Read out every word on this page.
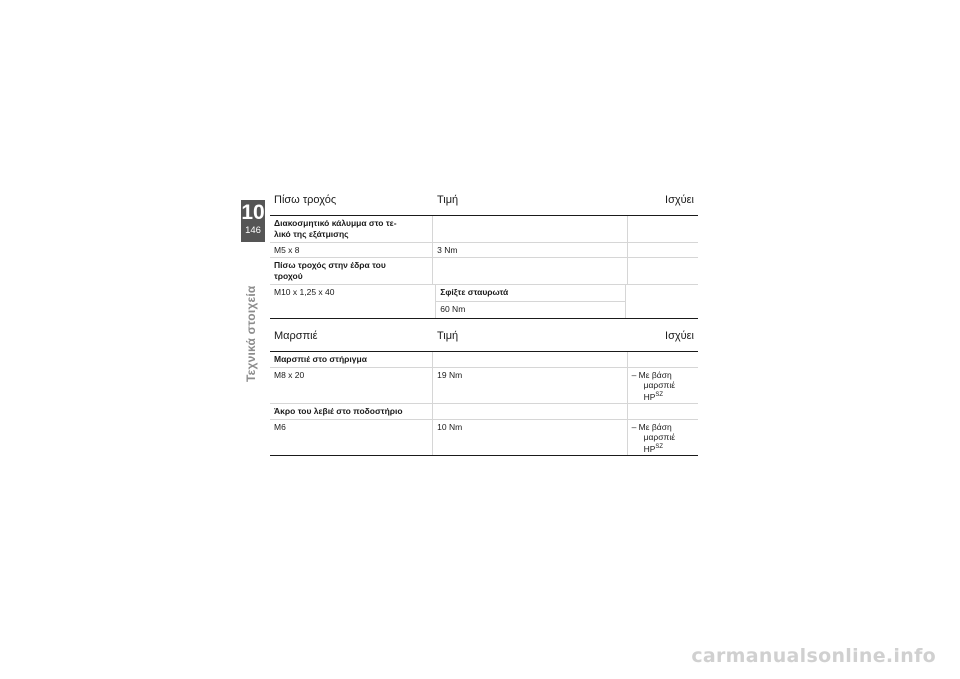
10
146
Τεχνικά στοιχεία
Πίσω τροχός	Τιμή	Ισχύει
Διακοσμητικό κάλυμμα στο τε-
λικό της εξάτμισης
M5 x 8	3 Nm
Πίσω τροχός στην έδρα του
τροχού
M10 x 1,25 x 40	Σφίξτε σταυρωτά
60 Nm
Μαρσπιέ	Τιμή	Ισχύει
Μαρσπιέ στο στήριγμα
M8 x 20	19 Nm	– Με βάση
μαρσπιέ
$HP^{SZ}$
Άκρο του λεβιέ στο ποδοστήριο
M6	10 Nm	– Με βάση
μαρσπιέ
$HP^{SZ}$
carmanualsonline.info
